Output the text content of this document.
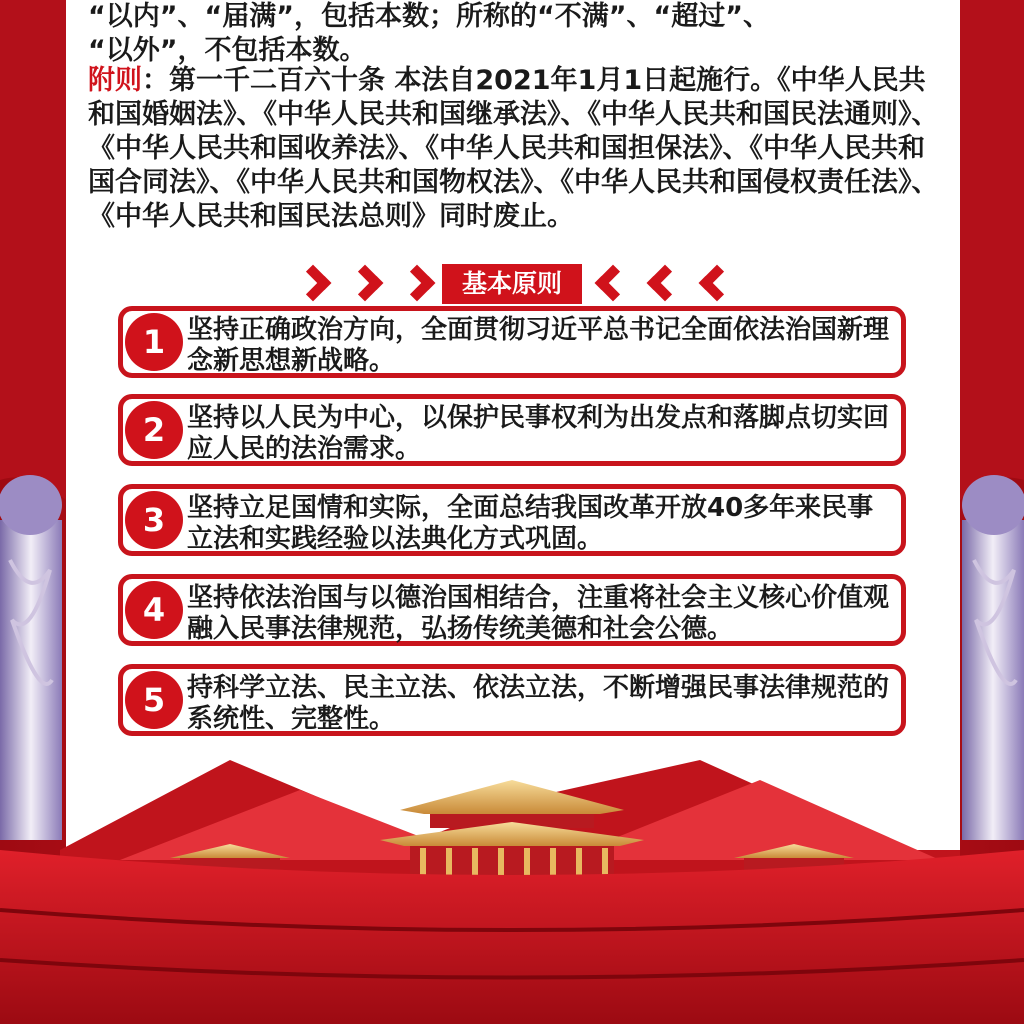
“以内”、“届满”，包括本数；所称的“不满”、“超过”、
“以外”，不包括本数。
附则：第一千二百六十条 本法自2021年1月1日起施行。《中华人民共和国婚姻法》、《中华人民共和国继承法》、《中华人民共和国民法通则》、《中华人民共和国收养法》、《中华人民共和国担保法》、《中华人民共和国合同法》、《中华人民共和国物权法》、《中华人民共和国侵权责任法》、《中华人民共和国民法总则》同时废止。
基本原则
1 坚持正确政治方向，全面贯彻习近平总书记全面依法治国新理念新思想新战略。
2 坚持以人民为中心，以保护民事权利为出发点和落脚点切实回应人民的法治需求。
3 坚持立足国情和实际，全面总结我国改革开放40多年来民事立法和实践经验以法典化方式巩固。
4 坚持依法治国与以德治国相结合，注重将社会主义核心价值观融入民事法律规范，弘扬传统美德和社会公德。
5 持科学立法、民主立法、依法立法，不断增强民事法律规范的系统性、完整性。
